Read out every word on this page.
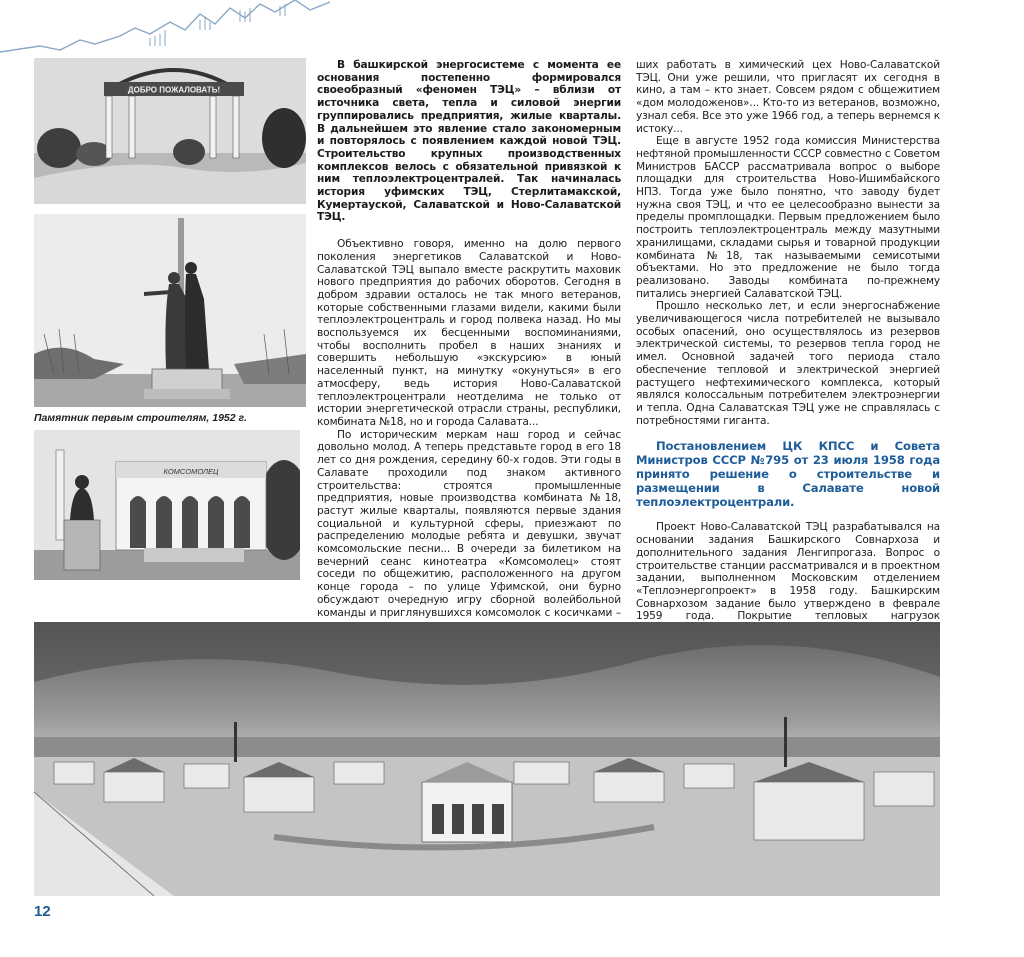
ДОБРО ПОЖАЛОВАТЬ!
Памятник первым строителям, 1952 г.
КОМСОМОЛЕЦ

В башкирской энергосистеме с момента ее основания постепенно формировался своеобразный «феномен ТЭЦ» – вблизи от источника света, тепла и силовой энергии группировались предприятия, жилые кварталы. В дальнейшем это явление стало закономерным и повторялось с появлением каждой новой ТЭЦ. Строительство крупных производственных комплексов велось с обязательной привязкой к ним теплоэлектроцентралей. Так начиналась история уфимских ТЭЦ, Стерлитамакской, Кумертауской, Салаватской и Ново-Салаватской ТЭЦ.

Объективно говоря, именно на долю первого поколения энергетиков Салаватской и Ново-Салаватской ТЭЦ выпало вместе раскрутить маховик нового предприятия до рабочих оборотов. Сегодня в добром здравии осталось не так много ветеранов, которые собственными глазами видели, какими были теплоэлектроцентраль и город полвека назад. Но мы воспользуемся их бесценными воспоминаниями, чтобы восполнить пробел в наших знаниях и совершить небольшую «экскурсию» в юный населенный пункт, на минутку «окунуться» в его атмосферу, ведь история Ново-Салаватской теплоэлектроцентрали неотделима не только от истории энергетической отрасли страны, республики, комбината №18, но и города Салавата...

По историческим меркам наш город и сейчас довольно молод. А теперь представьте город в его 18 лет со дня рождения, середину 60-х годов. Эти годы в Салавате проходили под знаком активного строительства: строятся промышленные предприятия, новые производства комбината №18, растут жилые кварталы, появляются первые здания социальной и культурной сферы, приезжают по распределению молодые ребята и девушки, звучат комсомольские песни... В очереди за билетиком на вечерний сеанс кинотеатра «Комсомолец» стоят соседи по общежитию, расположенного на другом конце города – по улице Уфимской, они бурно обсуждают очередную игру сборной волейбольной команды и приглянувшихся комсомолок с косичками –

ших работать в химический цех Ново-Салаватской ТЭЦ. Они уже решили, что пригласят их сегодня в кино, а там – кто знает. Совсем рядом с общежитием «дом молодоженов»... Кто-то из ветеранов, возможно, узнал себя. Все это уже 1966 год, а теперь вернемся к истоку...

Еще в августе 1952 года комиссия Министерства нефтяной промышленности СССР совместно с Советом Министров БАССР рассматривала вопрос о выборе площадки для строительства Ново-Ишимбайского НПЗ. Тогда уже было понятно, что заводу будет нужна своя ТЭЦ, и что ее целесообразно вынести за пределы промплощадки. Первым предложением было построить теплоэлектроцентраль между мазутными хранилищами, складами сырья и товарной продукции комбината №18, так называемыми семисотыми объектами. Но это предложение не было тогда реализовано. Заводы комбината по-прежнему питались энергией Салаватской ТЭЦ.

Прошло несколько лет, и если энергоснабжение увеличивающегося числа потребителей не вызывало особых опасений, оно осуществлялось из резервов электрической системы, то резервов тепла город не имел. Основной задачей того периода стало обеспечение тепловой и электрической энергией растущего нефтехимического комплекса, который являлся колоссальным потребителем электроэнергии и тепла. Одна Салаватская ТЭЦ уже не справлялась с потребностями гиганта.

Постановлением ЦК КПСС и Совета Министров СССР №795 от 23 июля 1958 года принято решение о строительстве и размещении в Салавате новой теплоэлектроцентрали.

Проект Ново-Салаватской ТЭЦ разрабатывался на основании задания Башкирского Совнархоза и дополнительного задания Ленгипрогаза. Вопрос о строительстве станции рассматривался и в проектном задании, выполненном Московским отделением «Теплоэнергопроект» в 1958 году. Башкирским Совнархозом задание было утверждено в феврале 1959 года. Покрытие тепловых нагрузок

12
